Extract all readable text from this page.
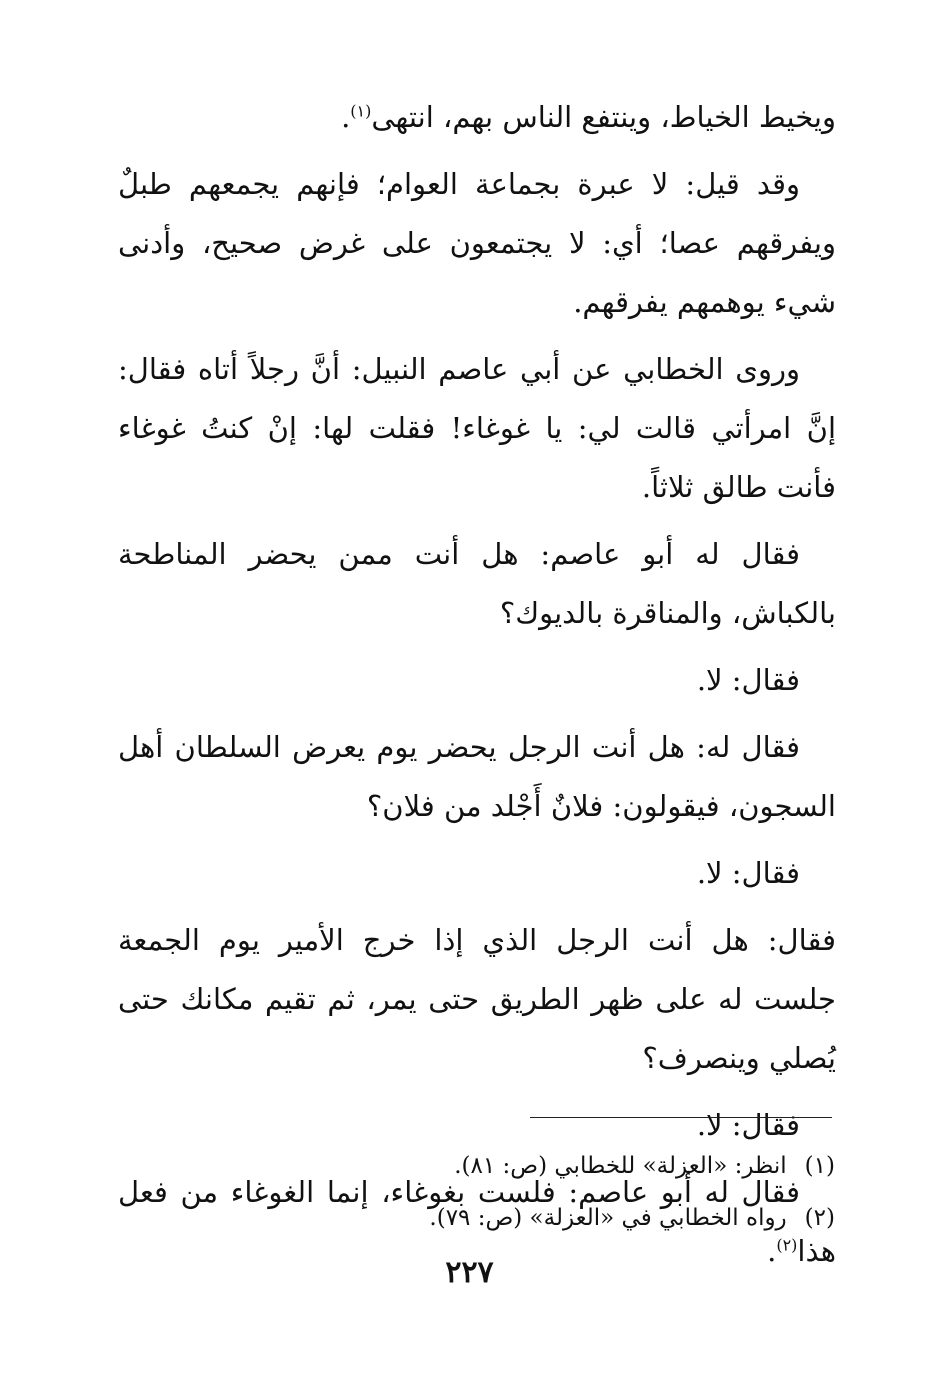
ويخيط الخياط، وينتفع الناس بهم، انتهى$^{(١)}$.

وقد قيل: لا عبرة بجماعة العوام؛ فإنهم يجمعهم طبلٌ ويفرقهم عصا؛ أي: لا يجتمعون على غرض صحيح، وأدنى شيء يوهمهم يفرقهم.

وروى الخطابي عن أبي عاصم النبيل: أنَّ رجلاً أتاه فقال: إنَّ امرأتي قالت لي: يا غوغاء! فقلت لها: إنْ كنتُ غوغاء فأنت طالق ثلاثاً.

فقال له أبو عاصم: هل أنت ممن يحضر المناطحة بالكباش، والمناقرة بالديوك؟

فقال: لا.

فقال له: هل أنت الرجل يحضر يوم يعرض السلطان أهل السجون، فيقولون: فلانٌ أَجْلد من فلان؟

فقال: لا.

فقال: هل أنت الرجل الذي إذا خرج الأمير يوم الجمعة جلست له على ظهر الطريق حتى يمر، ثم تقيم مكانك حتى يُصلي وينصرف؟

فقال: لا.

فقال له أبو عاصم: فلست بغوغاء، إنما الغوغاء من فعل هذا$^{(٢)}$.

(١)انظر: «العزلة» للخطابي (ص: ٨١).

(٢)رواه الخطابي في «العزلة» (ص: ٧٩).

٢٢٧
